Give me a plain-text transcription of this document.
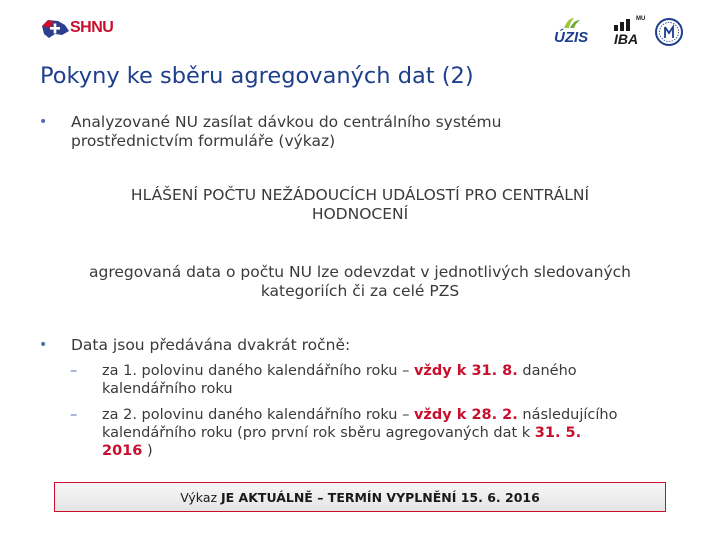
SHNU
ÚZIS
MU
IBA
Pokyny ke sběru agregovaných dat (2)
•	Analyzované NU zasílat dávkou do centrálního systému
prostřednictvím formuláře (výkaz)
HLÁŠENÍ POČTU NEŽÁDOUCÍCH UDÁLOSTÍ PRO CENTRÁLNÍ
HODNOCENÍ
agregovaná data o počtu NU lze odevzdat v jednotlivých sledovaných
kategoriích či za celé PZS
•	Data jsou předávána dvakrát ročně:
–	za 1. polovinu daného kalendářního roku – vždy k 31. 8. daného
kalendářního roku
–	za 2. polovinu daného kalendářního roku – vždy k 28. 2. následujícího
kalendářního roku (pro první rok sběru agregovaných dat k 31. 5.
2016 )
Výkaz JE AKTUÁLNĚ – TERMÍN VYPLNĚNÍ 15. 6. 2016
